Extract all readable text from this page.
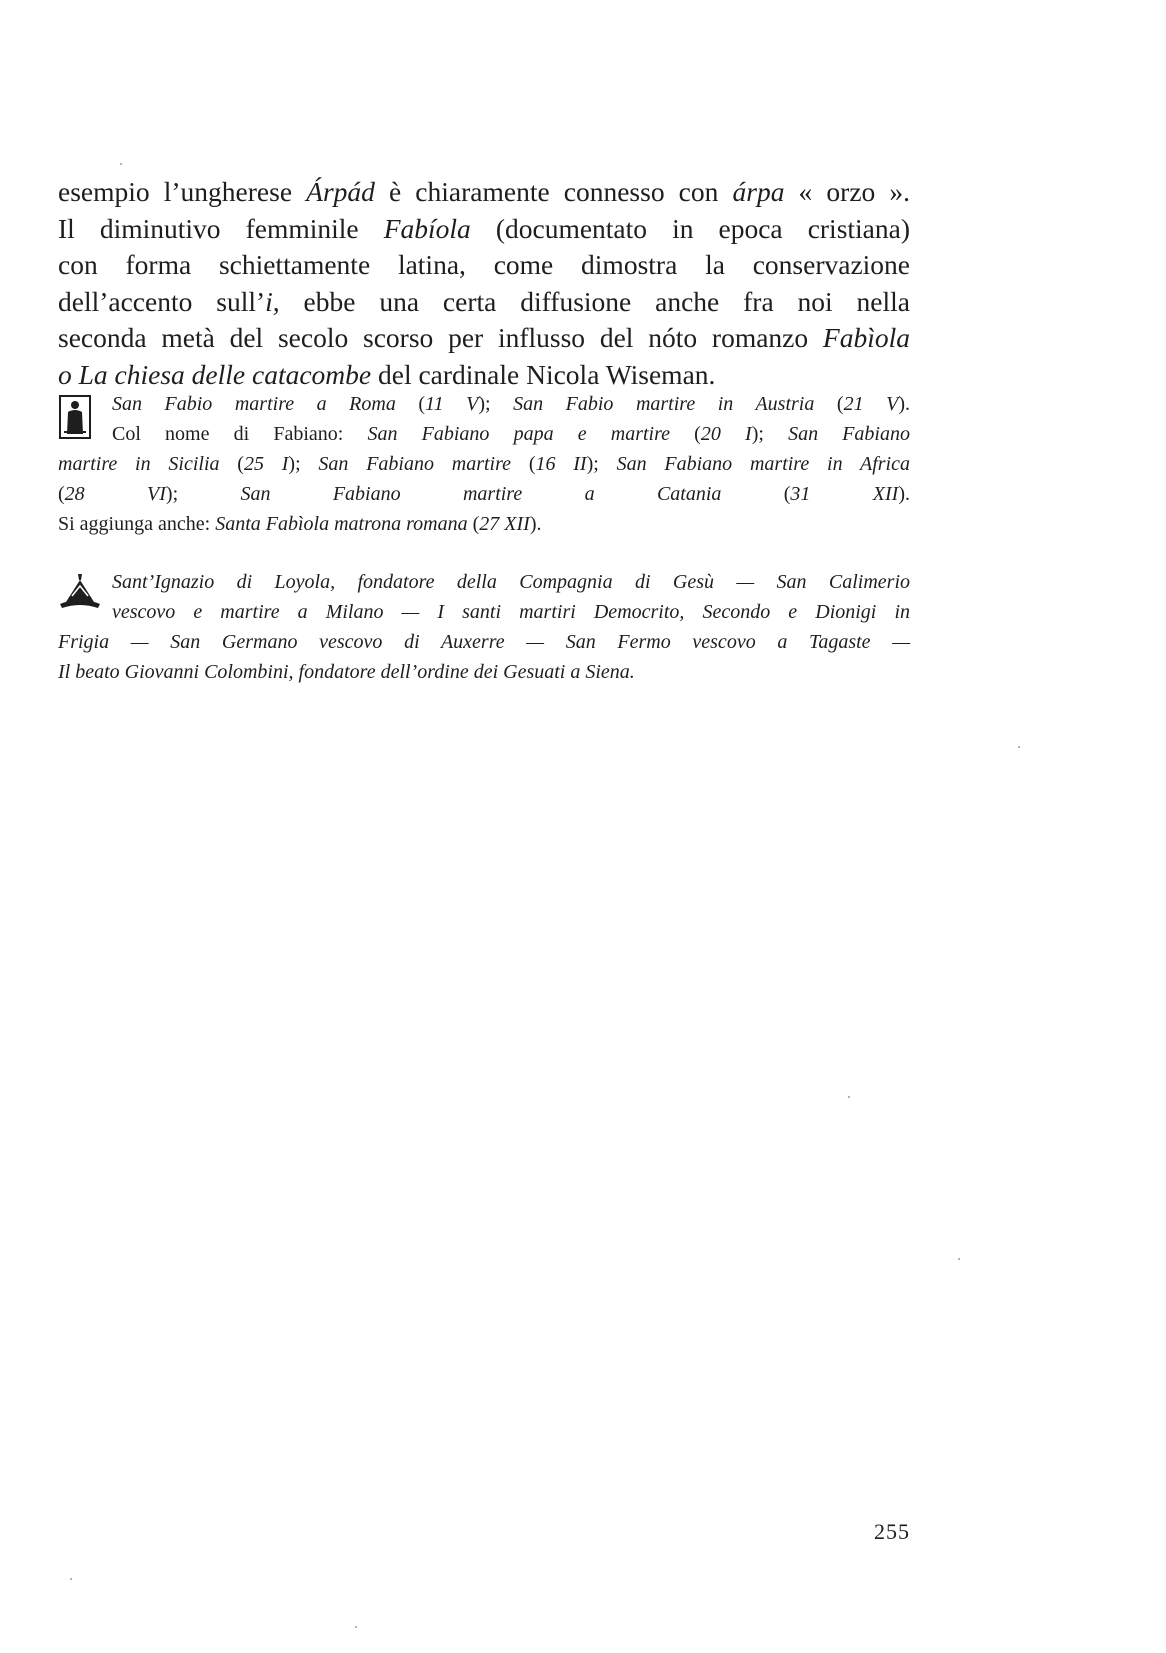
esempio l’ungherese Árpád è chiaramente connesso con árpa « orzo ».
Il diminutivo femminile Fabíola (documentato in epoca cristiana)
con forma schiettamente latina, come dimostra la conservazione
dell’accento sull’i, ebbe una certa diffusione anche fra noi nella
seconda metà del secolo scorso per influsso del nóto romanzo Fabìola
o La chiesa delle catacombe del cardinale Nicola Wiseman.
San Fabio martire a Roma (11 V); San Fabio martire in Austria (21 V).
Col nome di Fabiano: San Fabiano papa e martire (20 I); San Fabiano
martire in Sicilia (25 I); San Fabiano martire (16 II); San Fabiano martire in Africa
(28 VI); San Fabiano martire a Catania (31 XII).
Si aggiunga anche: Santa Fabìola matrona romana (27 XII).
Sant’Ignazio di Loyola, fondatore della Compagnia di Gesù — San Calimerio
vescovo e martire a Milano — I santi martiri Democrito, Secondo e Dionigi in
Frigia — San Germano vescovo di Auxerre — San Fermo vescovo a Tagaste —
Il beato Giovanni Colombini, fondatore dell’ordine dei Gesuati a Siena.
255
